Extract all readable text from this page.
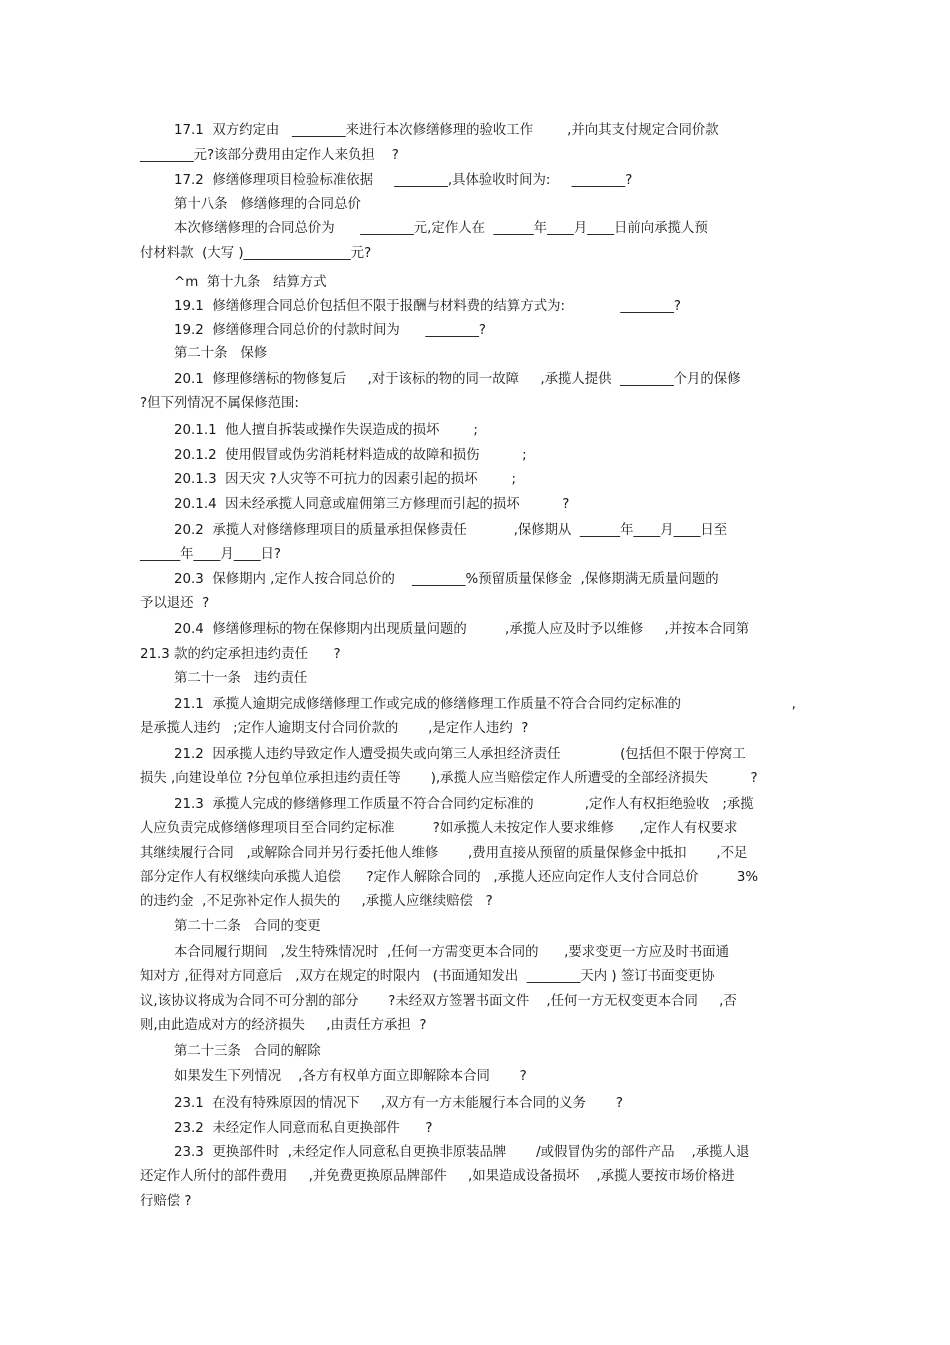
17.1  双方约定由   ________来进行本次修缮修理的验收工作        ,并向其支付规定合同价款
________元?该部分费用由定作人来负担    ?
17.2  修缮修理项目检验标准依据     ________,具体验收时间为:     ________?
第十八条   修缮修理的合同总价
本次修缮修理的合同总价为      ________元,定作人在  ______年____月____日前向承揽人预
付材料款  (大写 )________________元?
^m  第十九条   结算方式
19.1  修缮修理合同总价包括但不限于报酬与材料费的结算方式为:             ________?
19.2  修缮修理合同总价的付款时间为      ________?
第二十条   保修
20.1  修理修缮标的物修复后     ,对于该标的物的同一故障     ,承揽人提供  ________个月的保修
?但下列情况不属保修范围:
20.1.1  他人擅自拆装或操作失误造成的损坏        ;
20.1.2  使用假冒或伪劣消耗材料造成的故障和损伤          ;
20.1.3  因天灾 ?人灾等不可抗力的因素引起的损坏        ;
20.1.4  因未经承揽人同意或雇佣第三方修理而引起的损坏          ?
20.2  承揽人对修缮修理项目的质量承担保修责任           ,保修期从  ______年____月____日至
______年____月____日?
20.3  保修期内 ,定作人按合同总价的    ________%预留质量保修金  ,保修期满无质量问题的
予以退还  ?
20.4  修缮修理标的物在保修期内出现质量问题的         ,承揽人应及时予以维修     ,并按本合同第
21.3 款的约定承担违约责任      ?
第二十一条   违约责任
21.1  承揽人逾期完成修缮修理工作或完成的修缮修理工作质量不符合合同约定标准的                          ,
是承揽人违约   ;定作人逾期支付合同价款的       ,是定作人违约  ?
21.2  因承揽人违约导致定作人遭受损失或向第三人承担经济责任              (包括但不限于停窝工
损失 ,向建设单位 ?分包单位承担违约责任等       ),承揽人应当赔偿定作人所遭受的全部经济损失          ?
21.3  承揽人完成的修缮修理工作质量不符合合同约定标准的            ,定作人有权拒绝验收   ;承揽
人应负责完成修缮修理项目至合同约定标准         ?如承揽人未按定作人要求维修      ,定作人有权要求
其继续履行合同   ,或解除合同并另行委托他人维修       ,费用直接从预留的质量保修金中抵扣       ,不足
部分定作人有权继续向承揽人追偿      ?定作人解除合同的   ,承揽人还应向定作人支付合同总价         3%
的违约金  ,不足弥补定作人损失的     ,承揽人应继续赔偿   ?
第二十二条   合同的变更
本合同履行期间   ,发生特殊情况时  ,任何一方需变更本合同的      ,要求变更一方应及时书面通
知对方 ,征得对方同意后   ,双方在规定的时限内   (书面通知发出  ________天内 ) 签订书面变更协
议,该协议将成为合同不可分割的部分       ?未经双方签署书面文件    ,任何一方无权变更本合同     ,否
则,由此造成对方的经济损失     ,由责任方承担  ?
第二十三条   合同的解除
如果发生下列情况    ,各方有权单方面立即解除本合同       ?
23.1  在没有特殊原因的情况下     ,双方有一方未能履行本合同的义务       ?
23.2  未经定作人同意而私自更换部件      ?
23.3  更换部件时  ,未经定作人同意私自更换非原装品牌       /或假冒伪劣的部件产品    ,承揽人退
还定作人所付的部件费用     ,并免费更换原品牌部件     ,如果造成设备损坏    ,承揽人要按市场价格进
行赔偿 ?
